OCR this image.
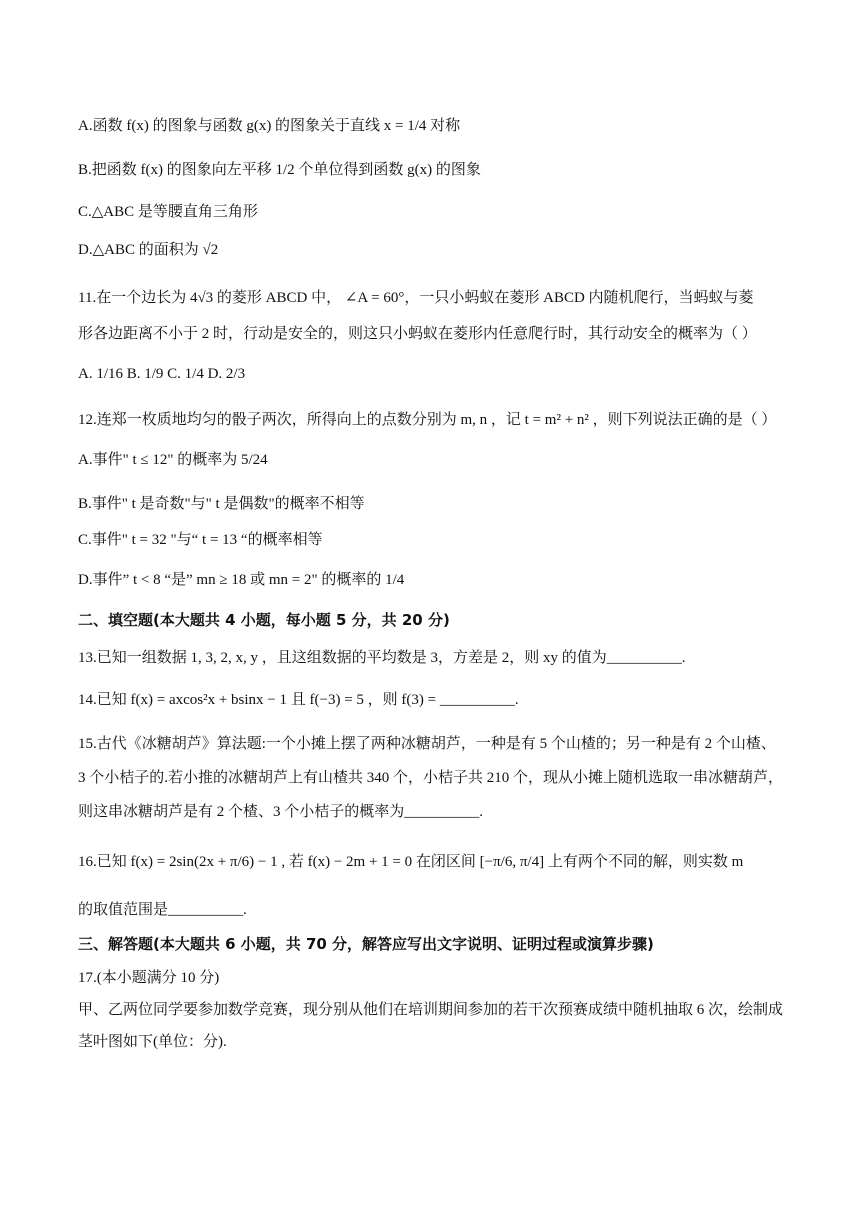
A.函数 f(x) 的图象与函数 g(x) 的图象关于直线 x = 1/4 对称
B.把函数 f(x) 的图象向左平移 1/2 个单位得到函数 g(x) 的图象
C.△ABC 是等腰直角三角形
D.△ABC 的面积为 √2
11.在一个边长为 4√3 的菱形 ABCD 中， ∠A = 60°，一只小蚂蚁在菱形 ABCD 内随机爬行，当蚂蚁与菱
形各边距离不小于 2 时，行动是安全的，则这只小蚂蚁在菱形内任意爬行时，其行动安全的概率为（ ）
A. 1/16 B. 1/9 C. 1/4 D. 2/3
12.连郑一枚质地均匀的骰子两次，所得向上的点数分别为 m, n ，记 t = m² + n² ，则下列说法正确的是（ ）
A.事件" t ≤ 12" 的概率为 5/24
B.事件" t 是奇数"与" t 是偶数"的概率不相等
C.事件" t = 32 "与“ t = 13 “的概率相等
D.事件” t < 8 “是” mn ≥ 18 或 mn = 2" 的概率的 1/4
二、填空题(本大题共 4 小题，每小题 5 分，共 20 分)
13.已知一组数据 1, 3, 2, x, y ，且这组数据的平均数是 3，方差是 2，则 xy 的值为__________.
14.已知 f(x) = axcos²x + bsinx − 1 且 f(−3) = 5 ，则 f(3) = __________.
15.古代《冰糖胡芦》算法题:一个小摊上摆了两种冰糖胡芦，一种是有 5 个山楂的；另一种是有 2 个山楂、
3 个小桔子的.若小推的冰糖胡芦上有山楂共 340 个，小桔子共 210 个，现从小摊上随机选取一串冰糖葫芦，
则这串冰糖胡芦是有 2 个楂、3 个小桔子的概率为__________.
16.已知 f(x) = 2sin(2x + π/6) − 1 , 若 f(x) − 2m + 1 = 0 在闭区间 [−π/6, π/4] 上有两个不同的解，则实数 m
的取值范围是__________.
三、解答题(本大题共 6 小题，共 70 分，解答应写出文字说明、证明过程或演算步骤)
17.(本小题满分 10 分)
甲、乙两位同学要参加数学竞赛，现分别从他们在培训期间参加的若干次预赛成绩中随机抽取 6 次，绘制成
茎叶图如下(单位：分).
